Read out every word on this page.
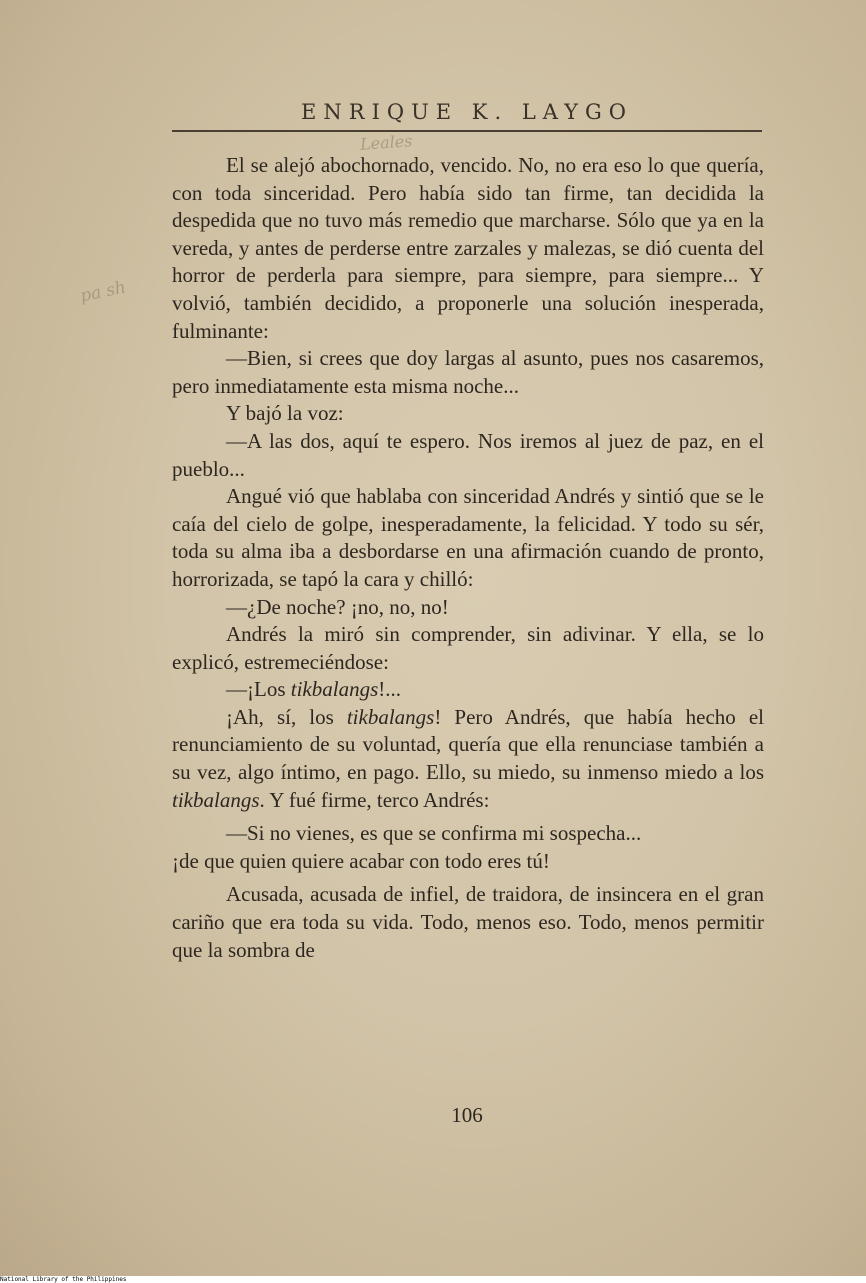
ENRIQUE K. LAYGO
Leales
pa sh

El se alejó abochornado, vencido. No, no era eso lo que quería, con toda sinceridad. Pero había sido tan firme, tan decidida la despedida que no tuvo más remedio que marcharse. Sólo que ya en la vereda, y antes de perderse entre zarzales y malezas, se dió cuenta del horror de perderla para siempre, para siempre, para siempre... Y volvió, también decidido, a proponerle una solución inesperada, fulminante:

—Bien, si crees que doy largas al asunto, pues nos casaremos, pero inmediatamente esta misma noche...

Y bajó la voz:

—A las dos, aquí te espero. Nos iremos al juez de paz, en el pueblo...

Angué vió que hablaba con sinceridad Andrés y sintió que se le caía del cielo de golpe, inesperadamente, la felicidad. Y todo su sér, toda su alma iba a desbordarse en una afirmación cuando de pronto, horrorizada, se tapó la cara y chilló:

—¿De noche? ¡no, no, no!

Andrés la miró sin comprender, sin adivinar. Y ella, se lo explicó, estremeciéndose:

—¡Los tikbalangs!...

¡Ah, sí, los tikbalangs! Pero Andrés, que había hecho el renunciamiento de su voluntad, quería que ella renunciase también a su vez, algo íntimo, en pago. Ello, su miedo, su inmenso miedo a los tikbalangs. Y fué firme, terco Andrés:

—Si no vienes, es que se confirma mi sospecha...

¡de que quien quiere acabar con todo eres tú!

Acusada, acusada de infiel, de traidora, de insincera en el gran cariño que era toda su vida. Todo, menos eso. Todo, menos permitir que la sombra de

106
National Library of the Philippines
